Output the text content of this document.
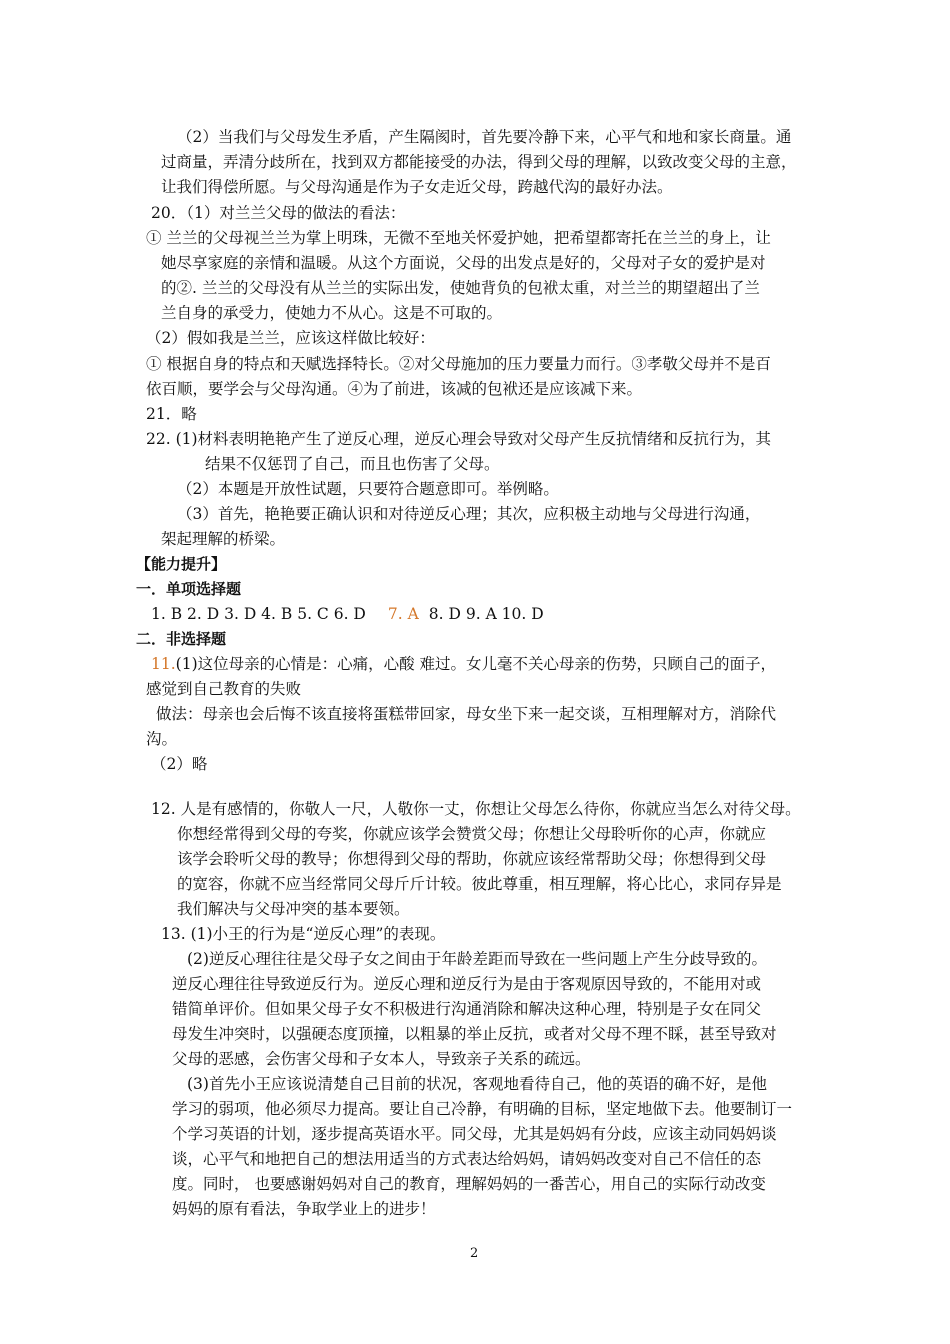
（2）当我们与父母发生矛盾，产生隔阂时，首先要冷静下来，心平气和地和家长商量。通
过商量，弄清分歧所在，找到双方都能接受的办法，得到父母的理解，以致改变父母的主意，
让我们得偿所愿。与父母沟通是作为子女走近父母，跨越代沟的最好办法。
20．（1）对兰兰父母的做法的看法：
① 兰兰的父母视兰兰为掌上明珠，无微不至地关怀爱护她，把希望都寄托在兰兰的身上，让
她尽享家庭的亲情和温暖。从这个方面说，父母的出发点是好的，父母对子女的爱护是对
的②. 兰兰的父母没有从兰兰的实际出发，使她背负的包袱太重，对兰兰的期望超出了兰
兰自身的承受力，使她力不从心。这是不可取的。
（2）假如我是兰兰，应该这样做比较好：
① 根据自身的特点和天赋选择特长。②对父母施加的压力要量力而行。③孝敬父母并不是百
依百顺，要学会与父母沟通。④为了前进，该减的包袱还是应该减下来。
21．略
22. (1)材料表明艳艳产生了逆反心理，逆反心理会导致对父母产生反抗情绪和反抗行为，其
结果不仅惩罚了自己，而且也伤害了父母。
（2）本题是开放性试题，只要符合题意即可。举例略。
（3）首先，艳艳要正确认识和对待逆反心理；其次，应积极主动地与父母进行沟通，
架起理解的桥梁。
【能力提升】
一．单项选择题
1. B 2. D 3. D 4. B 5. C 6. D 7. A 8. D 9. A 10. D
二．非选择题
11.(1)这位母亲的心情是：心痛，心酸 难过。女儿毫不关心母亲的伤势，只顾自己的面子，
感觉到自己教育的失败
做法：母亲也会后悔不该直接将蛋糕带回家，母女坐下来一起交谈，互相理解对方，消除代
沟。
（2）略
12. 人是有感情的，你敬人一尺，人敬你一丈，你想让父母怎么待你，你就应当怎么对待父母。
你想经常得到父母的夸奖，你就应该学会赞赏父母；你想让父母聆听你的心声，你就应
该学会聆听父母的教导；你想得到父母的帮助，你就应该经常帮助父母；你想得到父母
的宽容，你就不应当经常同父母斤斤计较。彼此尊重，相互理解，将心比心，求同存异是
我们解决与父母冲突的基本要领。
13. (1)小王的行为是“逆反心理”的表现。
(2)逆反心理往往是父母子女之间由于年龄差距而导致在一些问题上产生分歧导致的。
逆反心理往往导致逆反行为。逆反心理和逆反行为是由于客观原因导致的，不能用对或
错简单评价。但如果父母子女不积极进行沟通消除和解决这种心理，特别是子女在同父
母发生冲突时，以强硬态度顶撞，以粗暴的举止反抗，或者对父母不理不睬，甚至导致对
父母的恶感，会伤害父母和子女本人，导致亲子关系的疏远。
(3)首先小王应该说清楚自己目前的状况，客观地看待自己，他的英语的确不好，是他
学习的弱项，他必须尽力提高。要让自己冷静，有明确的目标，坚定地做下去。他要制订一
个学习英语的计划，逐步提高英语水平。同父母，尤其是妈妈有分歧，应该主动同妈妈谈
谈，心平气和地把自己的想法用适当的方式表达给妈妈，请妈妈改变对自己不信任的态
度。同时， 也要感谢妈妈对自己的教育，理解妈妈的一番苦心，用自己的实际行动改变
妈妈的原有看法，争取学业上的进步！
2
